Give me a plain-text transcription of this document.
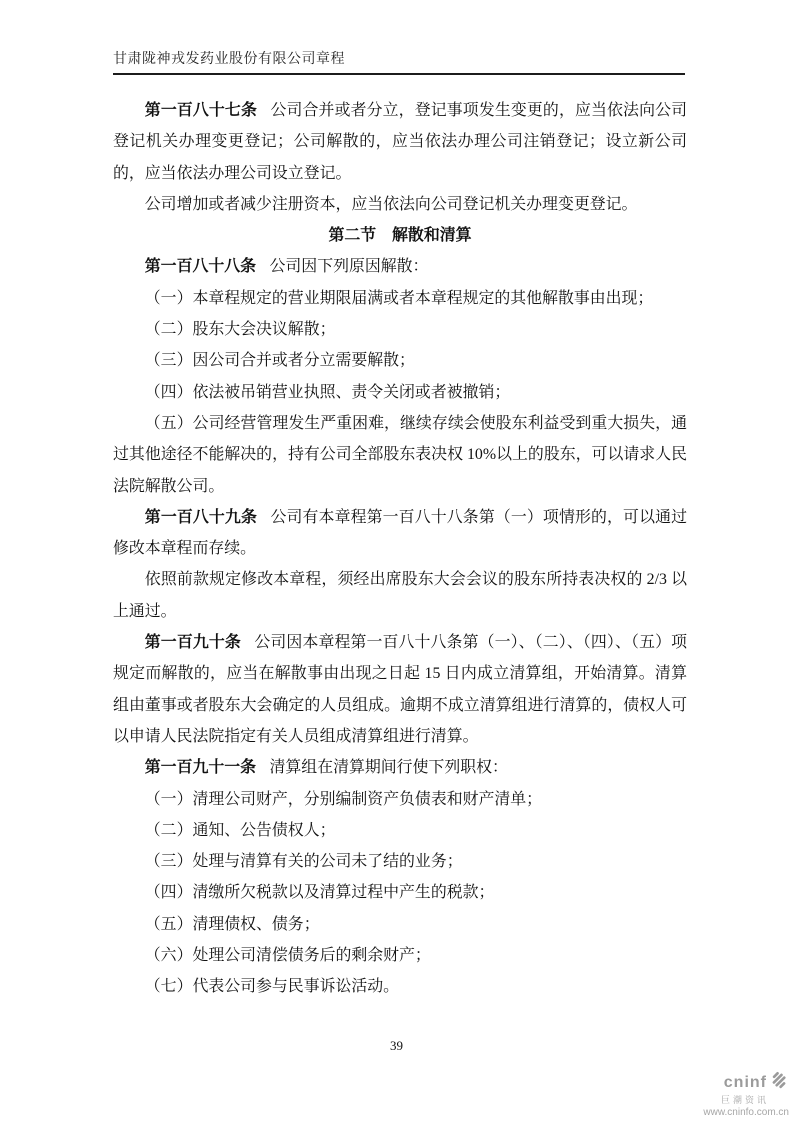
甘肃陇神戎发药业股份有限公司章程

第一百八十七条 公司合并或者分立，登记事项发生变更的，应当依法向公司登记机关办理变更登记；公司解散的，应当依法办理公司注销登记；设立新公司的，应当依法办理公司设立登记。

公司增加或者减少注册资本，应当依法向公司登记机关办理变更登记。

第二节 解散和清算

第一百八十八条 公司因下列原因解散：

（一）本章程规定的营业期限届满或者本章程规定的其他解散事由出现；

（二）股东大会决议解散；

（三）因公司合并或者分立需要解散；

（四）依法被吊销营业执照、责令关闭或者被撤销；

（五）公司经营管理发生严重困难，继续存续会使股东利益受到重大损失，通过其他途径不能解决的，持有公司全部股东表决权 10%以上的股东，可以请求人民法院解散公司。

第一百八十九条 公司有本章程第一百八十八条第（一）项情形的，可以通过修改本章程而存续。

依照前款规定修改本章程，须经出席股东大会会议的股东所持表决权的 2/3 以上通过。

第一百九十条 公司因本章程第一百八十八条第（一）、（二）、（四）、（五）项规定而解散的，应当在解散事由出现之日起 15 日内成立清算组，开始清算。清算组由董事或者股东大会确定的人员组成。逾期不成立清算组进行清算的，债权人可以申请人民法院指定有关人员组成清算组进行清算。

第一百九十一条 清算组在清算期间行使下列职权：

（一）清理公司财产，分别编制资产负债表和财产清单；

（二）通知、公告债权人；

（三）处理与清算有关的公司未了结的业务；

（四）清缴所欠税款以及清算过程中产生的税款；

（五）清理债权、债务；

（六）处理公司清偿债务后的剩余财产；

（七）代表公司参与民事诉讼活动。

39
cninf
巨潮资讯
www.cninfo.com.cn
